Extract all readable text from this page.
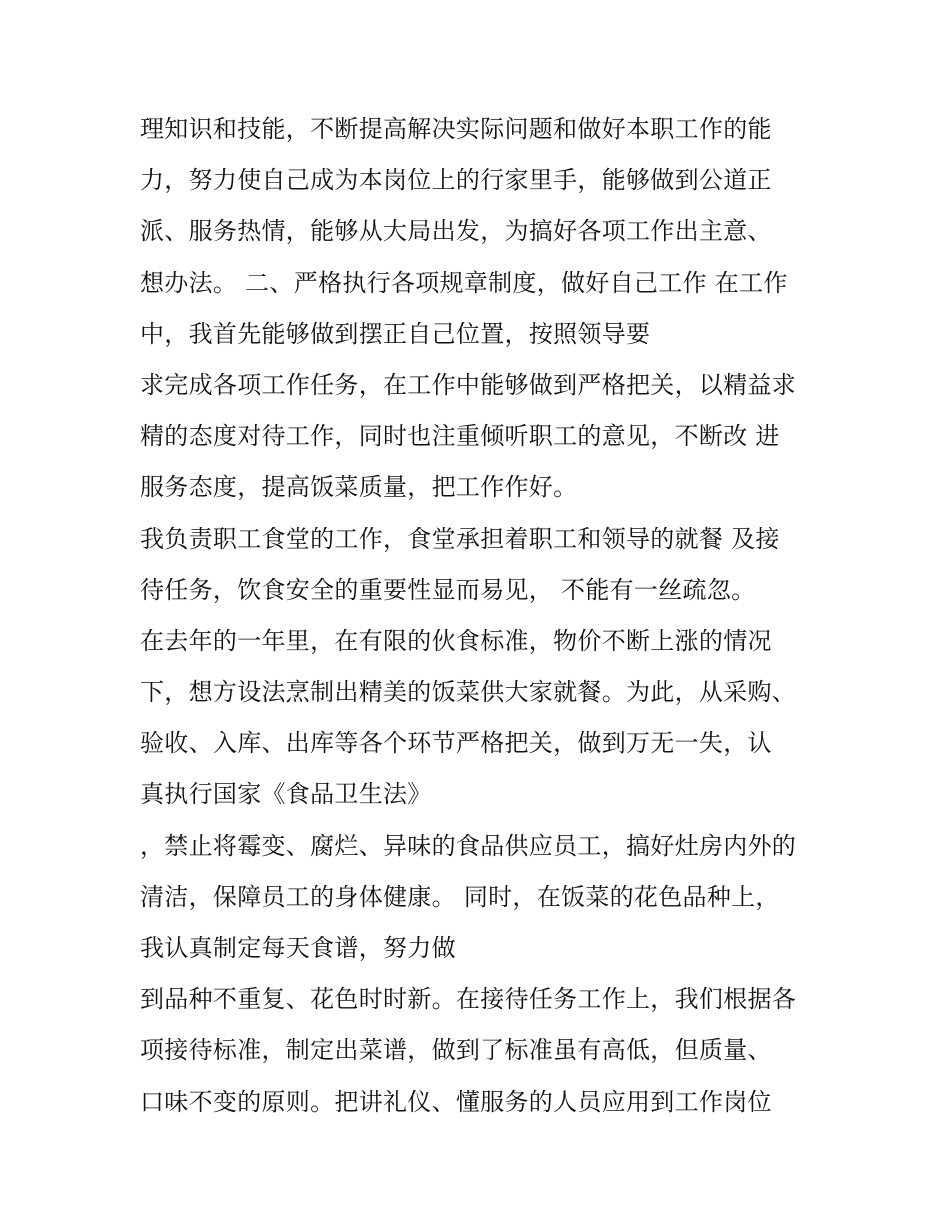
理知识和技能，不断提高解决实际问题和做好本职工作的能
力，努力使自己成为本岗位上的行家里手，能够做到公道正
派、服务热情，能够从大局出发，为搞好各项工作出主意、
想办法。 二、严格执行各项规章制度，做好自己工作 在工作
中，我首先能够做到摆正自己位置，按照领导要
求完成各项工作任务，在工作中能够做到严格把关，以精益求
精的态度对待工作，同时也注重倾听职工的意见，不断改 进
服务态度，提高饭菜质量，把工作作好。
我负责职工食堂的工作，食堂承担着职工和领导的就餐 及接
待任务，饮食安全的重要性显而易见， 不能有一丝疏忽。
在去年的一年里，在有限的伙食标准，物价不断上涨的情况
下，想方设法烹制出精美的饭菜供大家就餐。为此，从采购、
验收、入库、出库等各个环节严格把关，做到万无一失，认
真执行国家《食品卫生法》
，禁止将霉变、腐烂、异味的食品供应员工，搞好灶房内外的
清洁，保障员工的身体健康。 同时，在饭菜的花色品种上，
我认真制定每天食谱，努力做
到品种不重复、花色时时新。在接待任务工作上，我们根据各
项接待标准，制定出菜谱，做到了标准虽有高低，但质量、
口味不变的原则。把讲礼仪、懂服务的人员应用到工作岗位
